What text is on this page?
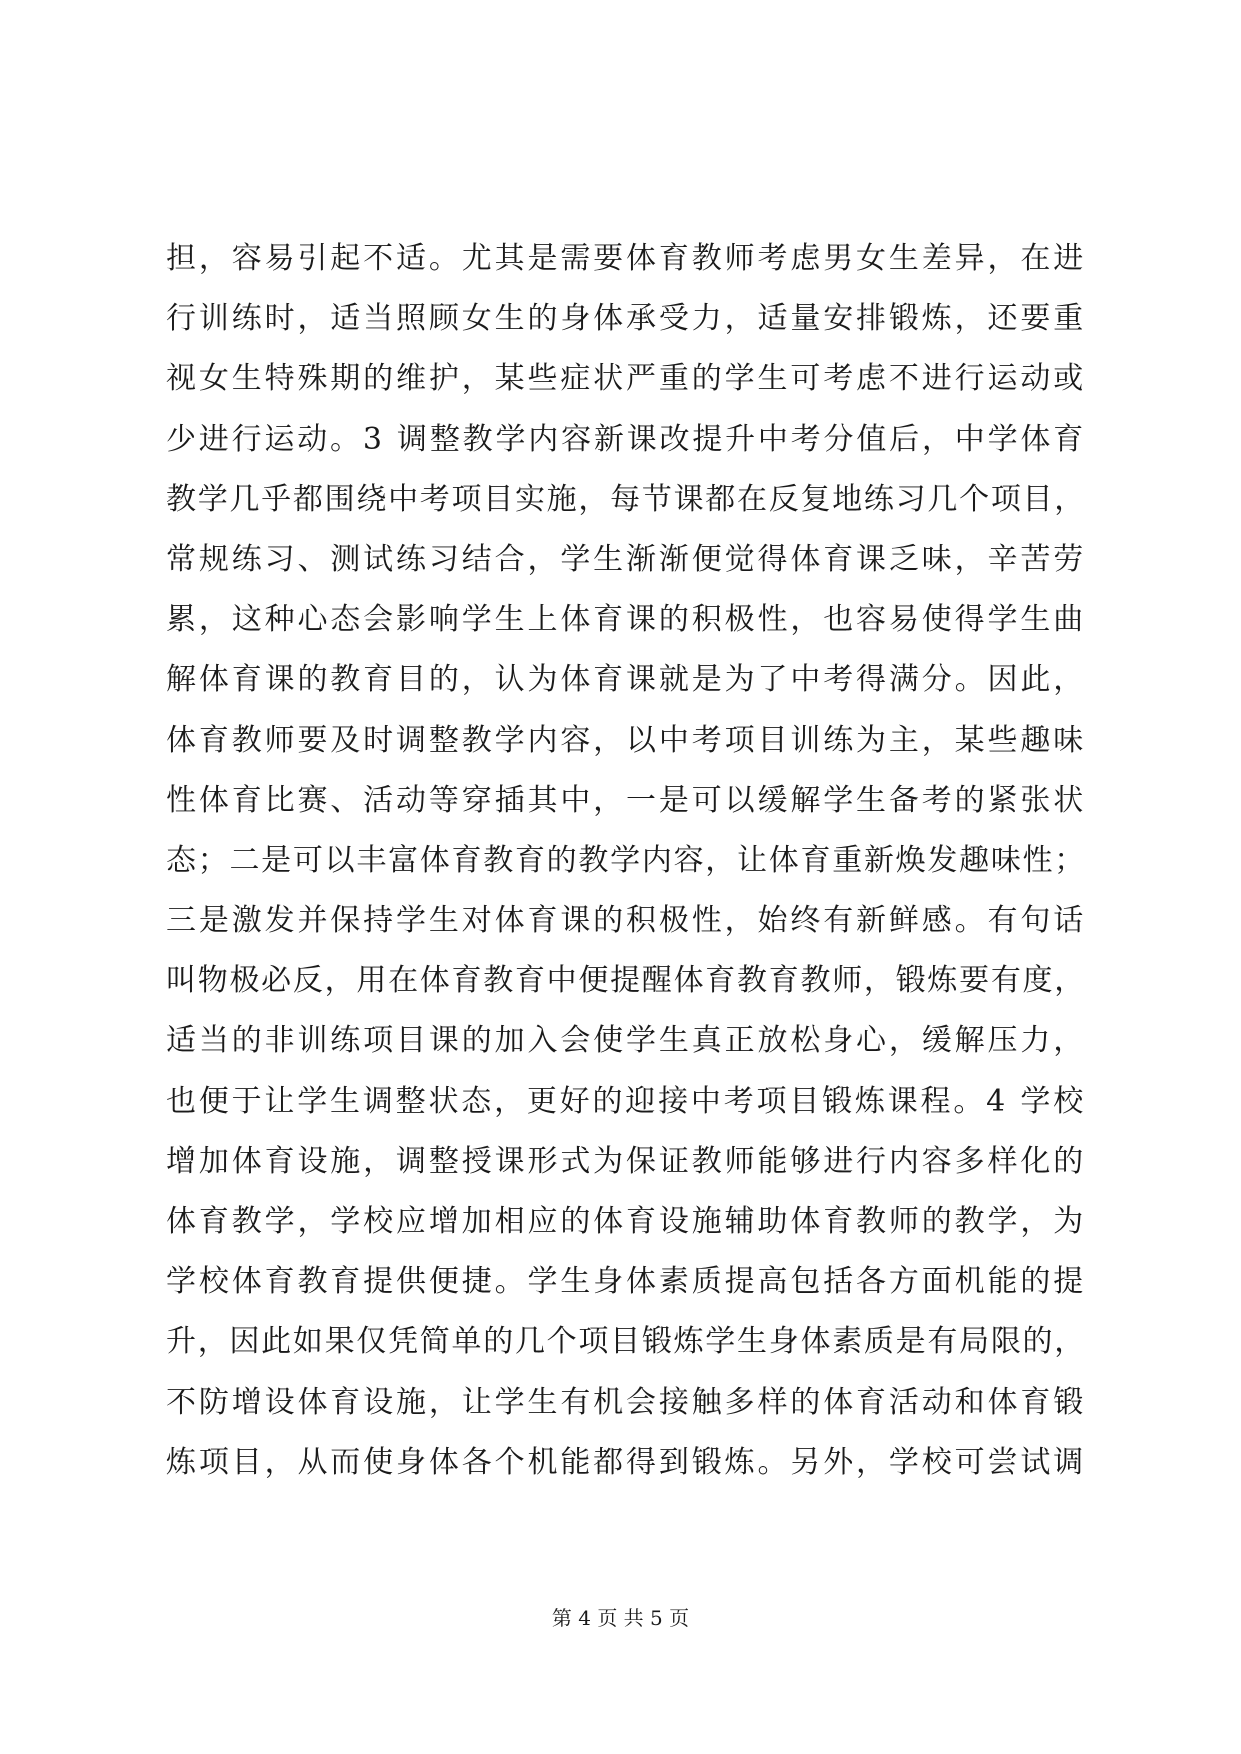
担，容易引起不适。尤其是需要体育教师考虑男女生差异，在进
行训练时，适当照顾女生的身体承受力，适量安排锻炼，还要重
视女生特殊期的维护，某些症状严重的学生可考虑不进行运动或
少进行运动。3 调整教学内容新课改提升中考分值后，中学体育
教学几乎都围绕中考项目实施，每节课都在反复地练习几个项目，
常规练习、测试练习结合，学生渐渐便觉得体育课乏味，辛苦劳
累，这种心态会影响学生上体育课的积极性，也容易使得学生曲
解体育课的教育目的，认为体育课就是为了中考得满分。因此，
体育教师要及时调整教学内容，以中考项目训练为主，某些趣味
性体育比赛、活动等穿插其中，一是可以缓解学生备考的紧张状
态；二是可以丰富体育教育的教学内容，让体育重新焕发趣味性；
三是激发并保持学生对体育课的积极性，始终有新鲜感。有句话
叫物极必反，用在体育教育中便提醒体育教育教师，锻炼要有度，
适当的非训练项目课的加入会使学生真正放松身心，缓解压力，
也便于让学生调整状态，更好的迎接中考项目锻炼课程。4 学校
增加体育设施，调整授课形式为保证教师能够进行内容多样化的
体育教学，学校应增加相应的体育设施辅助体育教师的教学，为
学校体育教育提供便捷。学生身体素质提高包括各方面机能的提
升，因此如果仅凭简单的几个项目锻炼学生身体素质是有局限的，
不防增设体育设施，让学生有机会接触多样的体育活动和体育锻
炼项目，从而使身体各个机能都得到锻炼。另外，学校可尝试调
第 4 页 共 5 页
